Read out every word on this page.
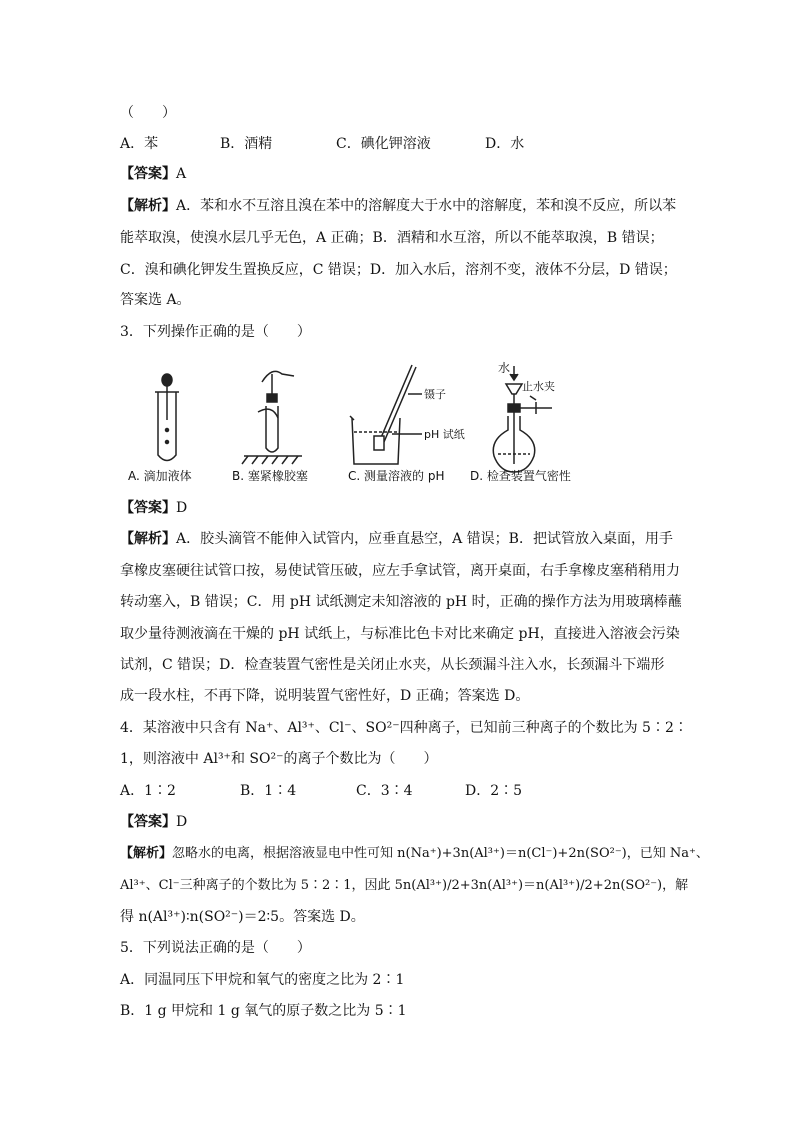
（　　）
A．苯	B．酒精	C．碘化钾溶液	D．水
【答案】A
【解析】A．苯和水不互溶且溴在苯中的溶解度大于水中的溶解度，苯和溴不反应，所以苯
能萃取溴，使溴水层几乎无色，A 正确；B．酒精和水互溶，所以不能萃取溴，B 错误；
C．溴和碘化钾发生置换反应，C 错误；D．加入水后，溶剂不变，液体不分层，D 错误；
答案选 A。
3．下列操作正确的是（　　）
镊子
pH 试纸
水
止水夹
A. 滴加液体	B. 塞紧橡胶塞	C. 测量溶液的 pH D. 检查装置气密性
【答案】D
【解析】A．胶头滴管不能伸入试管内，应垂直悬空，A 错误；B．把试管放入桌面，用手
拿橡皮塞硬往试管口按，易使试管压破，应左手拿试管，离开桌面，右手拿橡皮塞稍稍用力
转动塞入，B 错误；C．用 pH 试纸测定未知溶液的 pH 时，正确的操作方法为用玻璃棒蘸
取少量待测液滴在干燥的 pH 试纸上，与标准比色卡对比来确定 pH，直接进入溶液会污染
试剂，C 错误；D．检查装置气密性是关闭止水夹，从长颈漏斗注入水，长颈漏斗下端形
成一段水柱，不再下降，说明装置气密性好，D 正确；答案选 D。
4．某溶液中只含有 Na⁺、Al³⁺、Cl⁻、SO²⁻四种离子，已知前三种离子的个数比为 5∶2∶
1，则溶液中 Al³⁺和 SO²⁻的离子个数比为（　　）
A．1∶2	B．1∶4	C．3∶4	D．2∶5
【答案】D
【解析】忽略水的电离，根据溶液显电中性可知 n(Na⁺)+3n(Al³⁺)＝n(Cl⁻)+2n(SO²⁻)，已知 Na⁺、
Al³⁺、Cl⁻三种离子的个数比为 5∶2∶1，因此 5n(Al³⁺)/2+3n(Al³⁺)＝n(Al³⁺)/2+2n(SO²⁻)，解
得 n(Al³⁺)∶n(SO²⁻)＝2∶5。答案选 D。
5．下列说法正确的是（　　）
A．同温同压下甲烷和氧气的密度之比为 2∶1
B．1 g 甲烷和 1 g 氧气的原子数之比为 5∶1
